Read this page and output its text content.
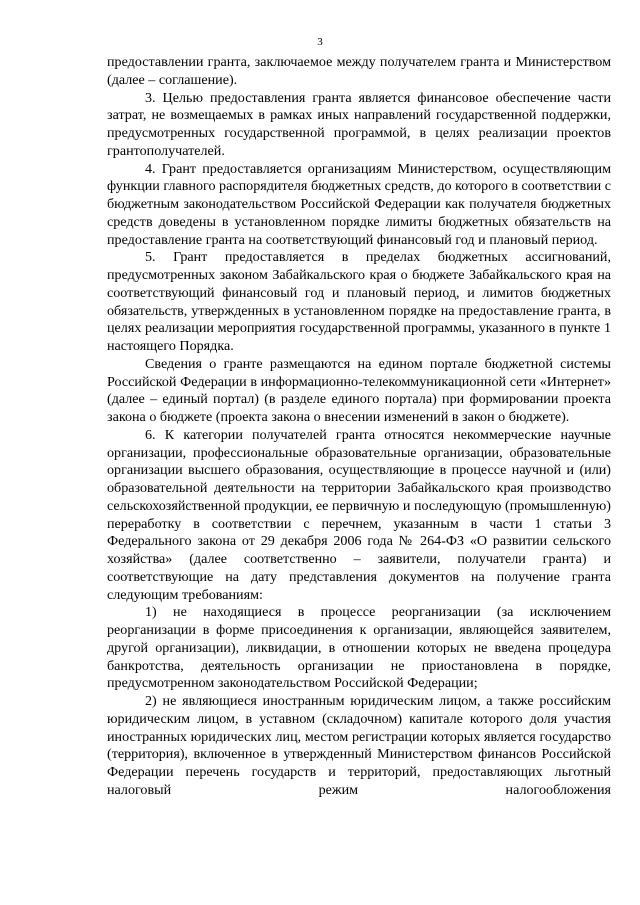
3

предоставлении гранта, заключаемое между получателем гранта и Министерством (далее – соглашение).

3. Целью предоставления гранта является финансовое обеспечение части затрат, не возмещаемых в рамках иных направлений государственной поддержки, предусмотренных государственной программой, в целях реализации проектов грантополучателей.

4. Грант предоставляется организациям Министерством, осуществляющим функции главного распорядителя бюджетных средств, до которого в соответствии с бюджетным законодательством Российской Федерации как получателя бюджетных средств доведены в установленном порядке лимиты бюджетных обязательств на предоставление гранта на соответствующий финансовый год и плановый период.

5. Грант предоставляется в пределах бюджетных ассигнований, предусмотренных законом Забайкальского края о бюджете Забайкальского края на соответствующий финансовый год и плановый период, и лимитов бюджетных обязательств, утвержденных в установленном порядке на предоставление гранта, в целях реализации мероприятия государственной программы, указанного в пункте 1 настоящего Порядка.

Сведения о гранте размещаются на едином портале бюджетной системы Российской Федерации в информационно-телекоммуникационной сети «Интернет» (далее – единый портал) (в разделе единого портала) при формировании проекта закона о бюджете (проекта закона о внесении изменений в закон о бюджете).

6. К категории получателей гранта относятся некоммерческие научные организации, профессиональные образовательные организации, образовательные организации высшего образования, осуществляющие в процессе научной и (или) образовательной деятельности на территории Забайкальского края производство сельскохозяйственной продукции, ее первичную и последующую (промышленную) переработку в соответствии с перечнем, указанным в части 1 статьи 3 Федерального закона от 29 декабря 2006 года № 264-ФЗ «О развитии сельского хозяйства» (далее соответственно – заявители, получатели гранта) и соответствующие на дату представления документов на получение гранта следующим требованиям:

1) не находящиеся в процессе реорганизации (за исключением реорганизации в форме присоединения к организации, являющейся заявителем, другой организации), ликвидации, в отношении которых не введена процедура банкротства, деятельность организации не приостановлена в порядке, предусмотренном законодательством Российской Федерации;

2) не являющиеся иностранным юридическим лицом, а также российским юридическим лицом, в уставном (складочном) капитале которого доля участия иностранных юридических лиц, местом регистрации которых является государство (территория), включенное в утвержденный Министерством финансов Российской Федерации перечень государств и территорий, предоставляющих льготный налоговый режим налогообложения
